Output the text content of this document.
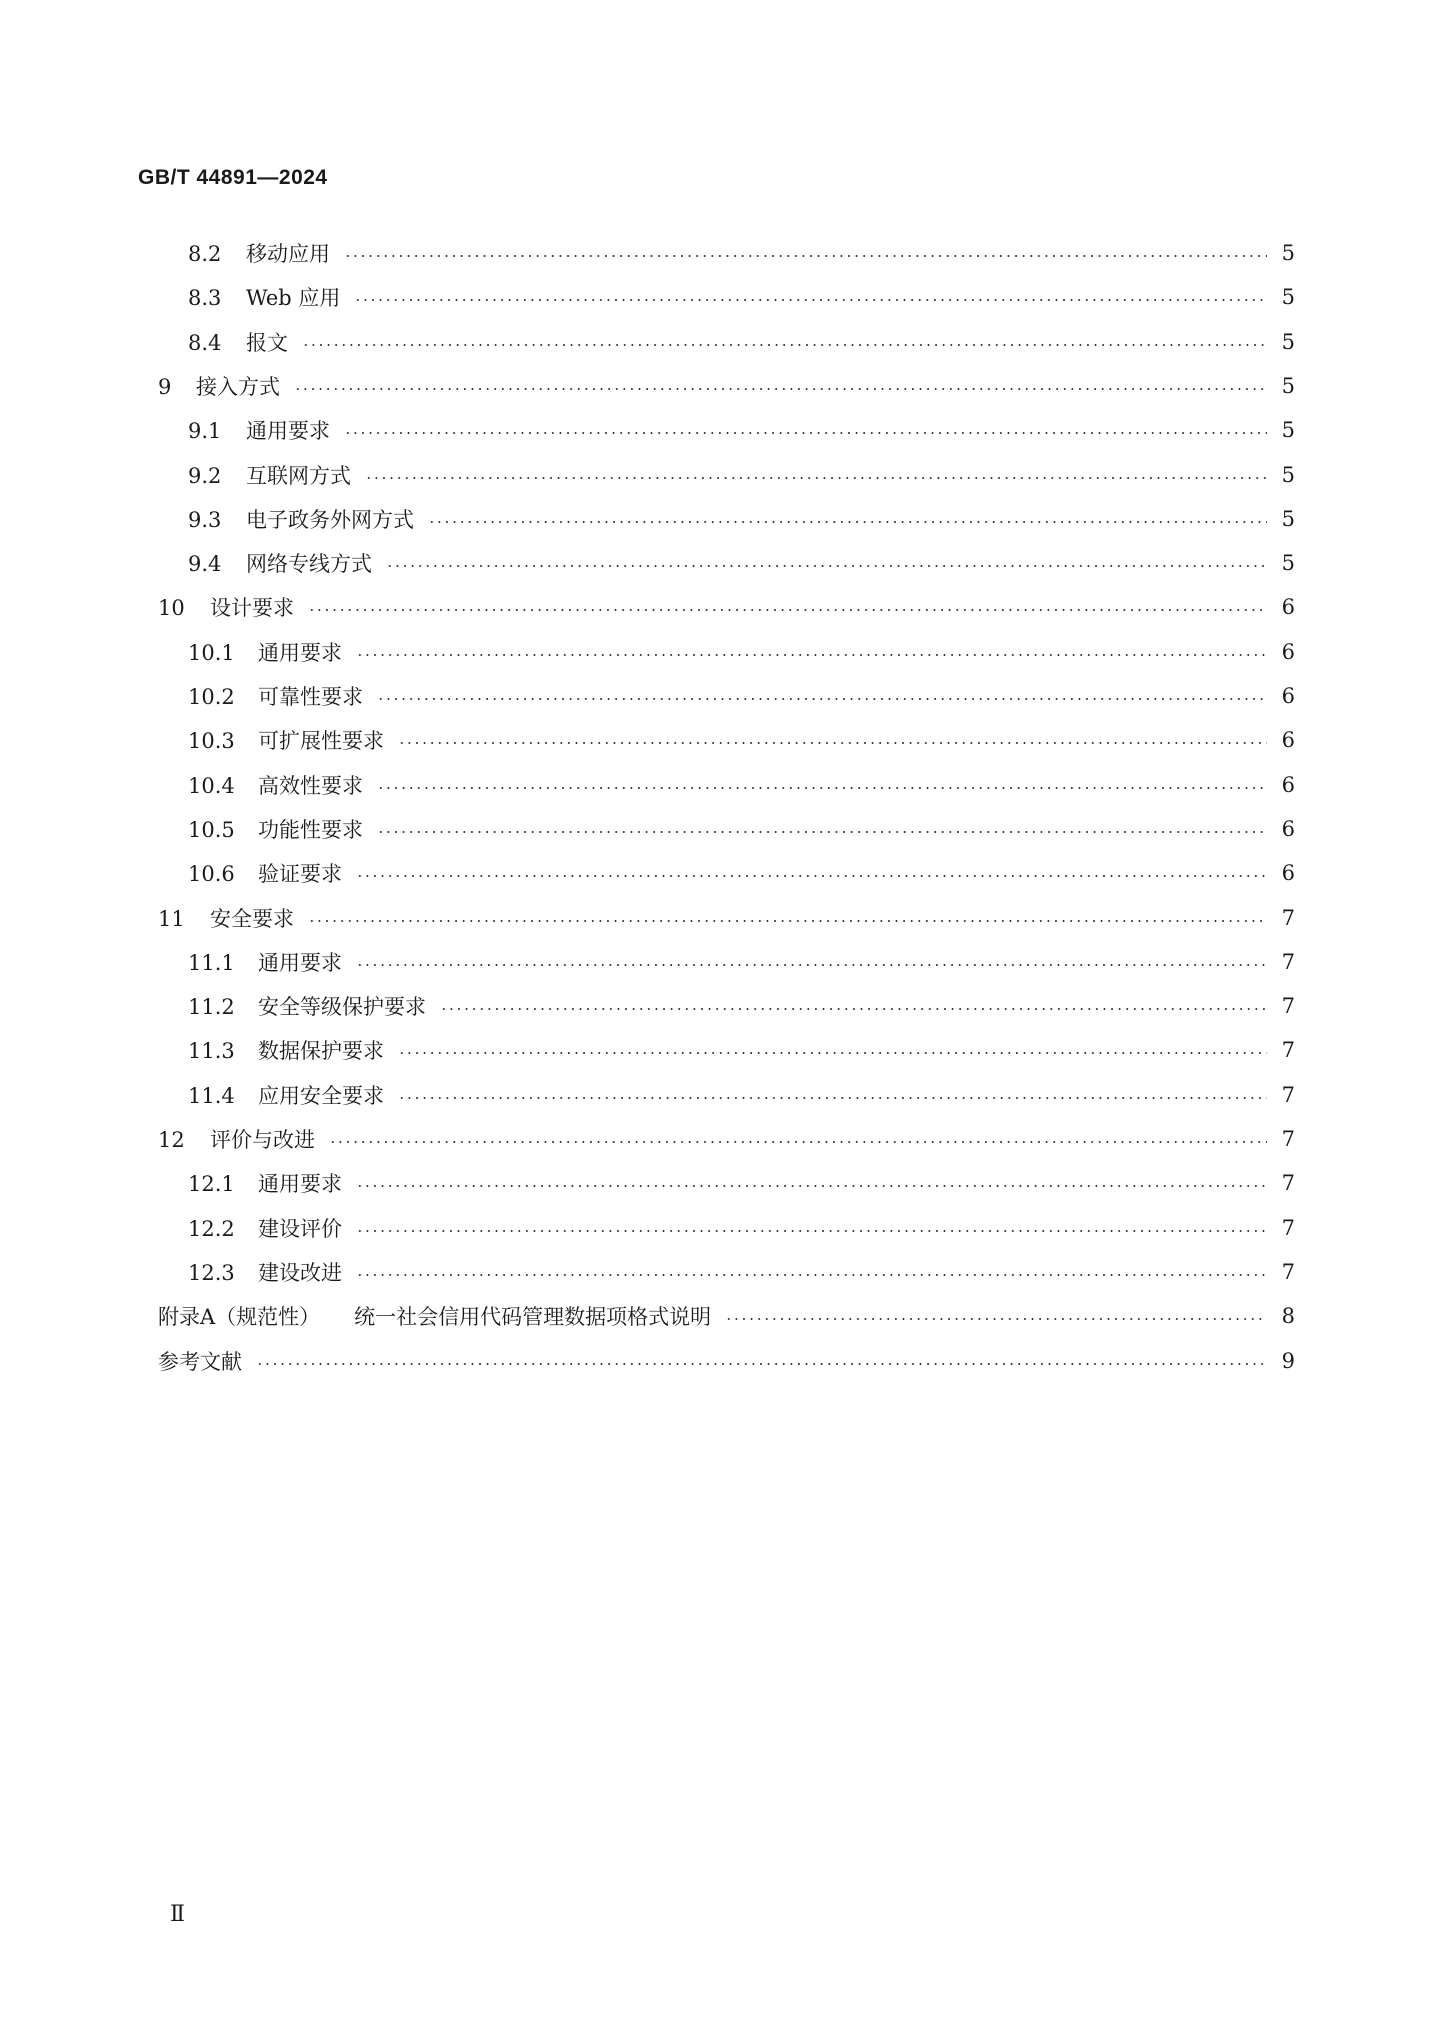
GB/T 44891—2024
8.2 移动应用	5
8.3 Web 应用	5
8.4 报文	5
9 接入方式	5
9.1 通用要求	5
9.2 互联网方式	5
9.3 电子政务外网方式	5
9.4 网络专线方式	5
10 设计要求	6
10.1 通用要求	6
10.2 可靠性要求	6
10.3 可扩展性要求	6
10.4 高效性要求	6
10.5 功能性要求	6
10.6 验证要求	6
11 安全要求	7
11.1 通用要求	7
11.2 安全等级保护要求	7
11.3 数据保护要求	7
11.4 应用安全要求	7
12 评价与改进	7
12.1 通用要求	7
12.2 建设评价	7
12.3 建设改进	7
附录A（规范性） 统一社会信用代码管理数据项格式说明	8
参考文献	9
Ⅱ
